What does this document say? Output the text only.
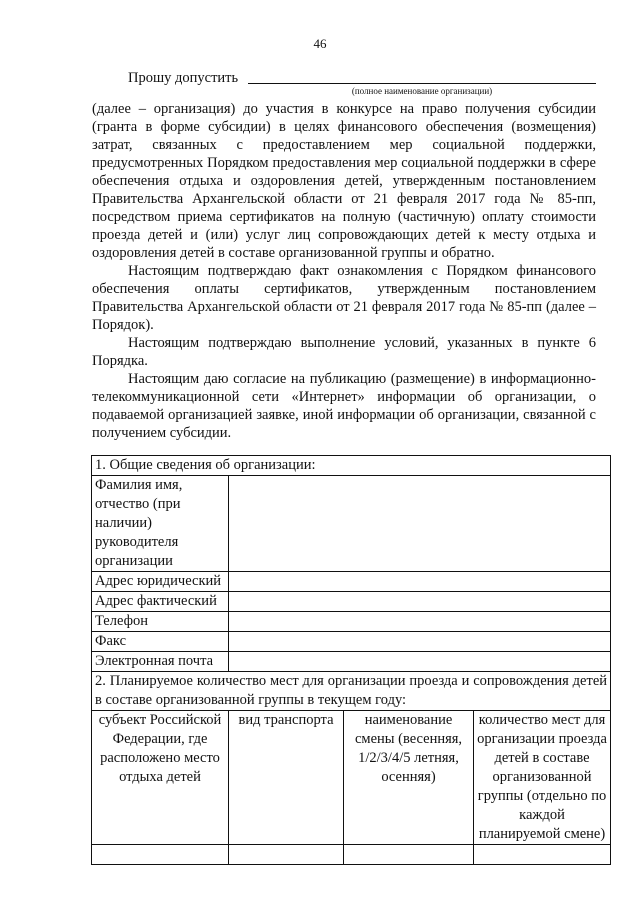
46
Прошу допустить
(полное наименование организации)

(далее – организация) до участия в конкурсе на право получения субсидии (гранта в форме субсидии) в целях финансового обеспечения (возмещения) затрат, связанных с предоставлением мер социальной поддержки, предусмотренных Порядком предоставления мер социальной поддержки в сфере обеспечения отдыха и оздоровления детей, утвержденным постановлением Правительства Архангельской области от 21 февраля 2017 года № 85-пп, посредством приема сертификатов на полную (частичную) оплату стоимости проезда детей и (или) услуг лиц сопровождающих детей к месту отдыха и оздоровления детей в составе организованной группы и обратно.

Настоящим подтверждаю факт ознакомления с Порядком финансового обеспечения оплаты сертификатов, утвержденным постановлением Правительства Архангельской области от 21 февраля 2017 года № 85-пп (далее – Порядок).

Настоящим подтверждаю выполнение условий, указанных в пункте 6 Порядка.

Настоящим даю согласие на публикацию (размещение) в информационно-телекоммуникационной сети «Интернет» информации об организации, о подаваемой организацией заявке, иной информации об организации, связанной с получением субсидии.

1. Общие сведения об организации:			
Фамилия имя, отчество (при наличии) руководителя организации			
Адрес юридический			
Адрес фактический			
Телефон			
Факс			
Электронная почта			
2. Планируемое количество мест для организации проезда и сопровождения детей в составе организованной группы в текущем году:			
субъект Российской Федерации, где расположено место отдыха детей	вид транспорта	наименование смены (весенняя, 1/2/3/4/5 летняя, осенняя)	количество мест для организации проезда детей в составе организованной группы (отдельно по каждой планируемой смене)
